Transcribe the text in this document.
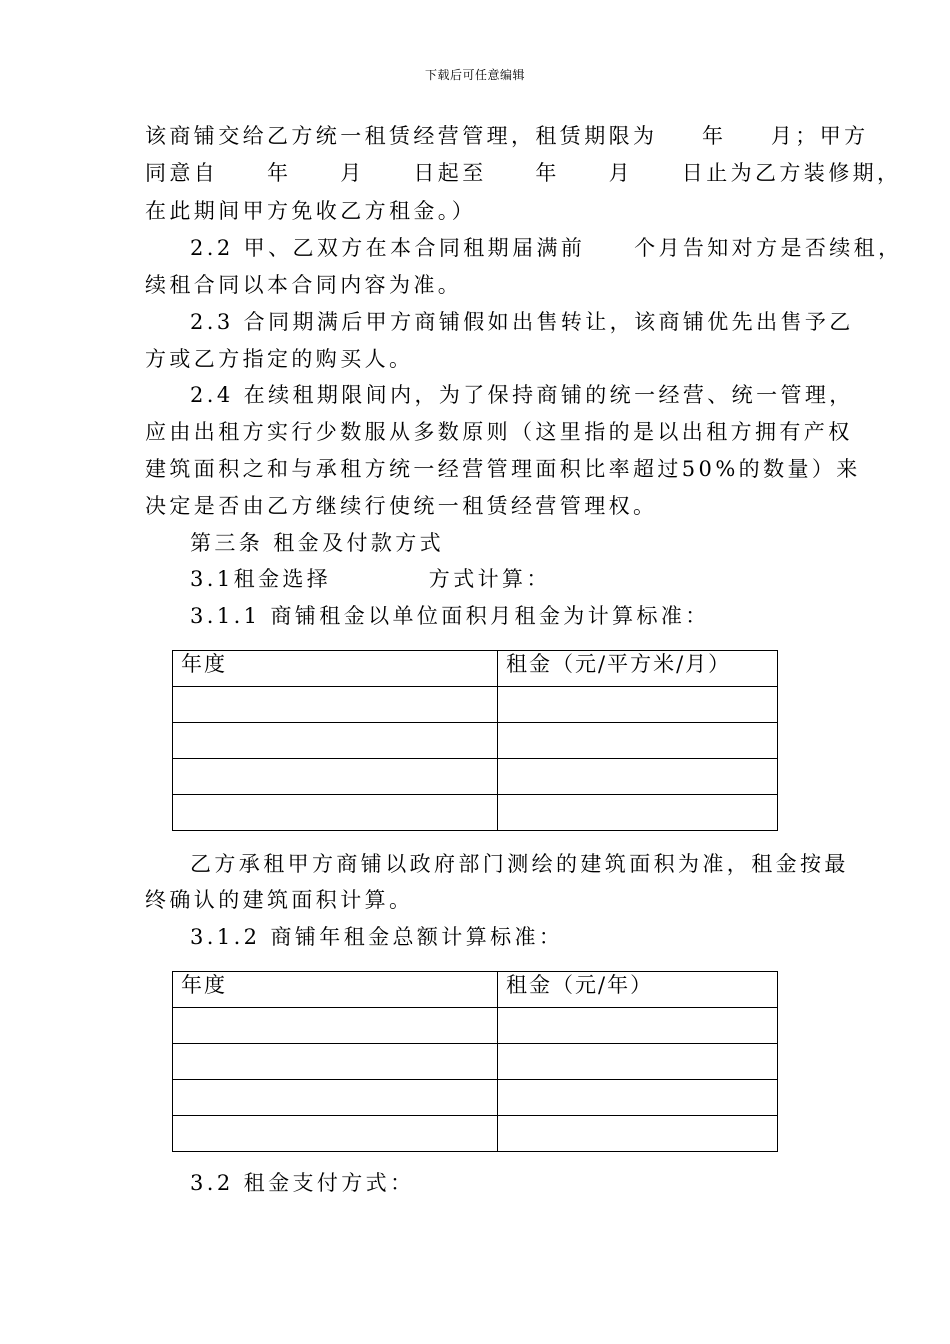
下载后可任意编辑
该商铺交给乙方统一租赁经营管理，租赁期限为　  年　  月；甲方
同意自　　年　　月　　日起至　　年　　月　　日止为乙方装修期，
在此期间甲方免收乙方租金。）
2.2 甲、乙双方在本合同租期届满前　　个月告知对方是否续租，
续租合同以本合同内容为准。
2.3 合同期满后甲方商铺假如出售转让，该商铺优先出售予乙
方或乙方指定的购买人。
2.4 在续租期限间内，为了保持商铺的统一经营、统一管理，
应由出租方实行少数服从多数原则（这里指的是以出租方拥有产权
建筑面积之和与承租方统一经营管理面积比率超过50%的数量）来
决定是否由乙方继续行使统一租赁经营管理权。
第三条 租金及付款方式
3.1租金选择　　　　方式计算：
3.1.1 商铺租金以单位面积月租金为计算标准：
年度	租金（元/平方米/月）

乙方承租甲方商铺以政府部门测绘的建筑面积为准，租金按最
终确认的建筑面积计算。
3.1.2 商铺年租金总额计算标准：
年度	租金（元/年）

3.2 租金支付方式：
